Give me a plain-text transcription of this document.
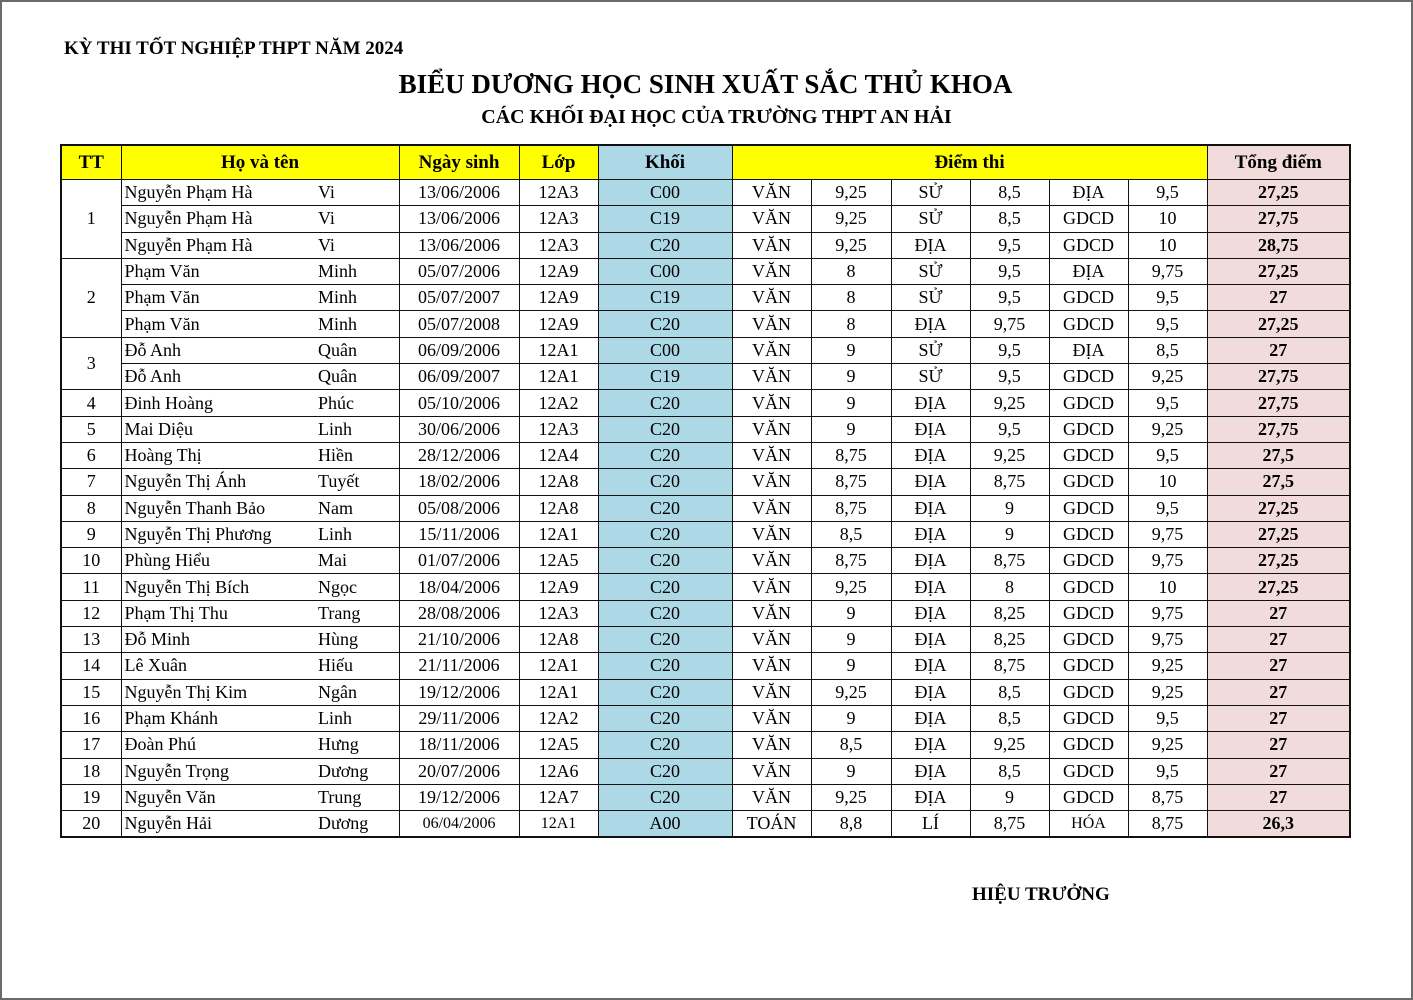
KỲ THI TỐT NGHIỆP THPT NĂM 2024
BIỂU DƯƠNG HỌC SINH XUẤT SẮC THỦ KHOA
CÁC KHỐI ĐẠI HỌC CỦA TRƯỜNG THPT AN HẢI
TT	Họ và tên		Ngày sinh	Lớp	Khối	Điểm thi						Tổng điểm
1	Nguyễn Phạm Hà	Vi	13/06/2006	12A3	C00	VĂN	9,25	SỬ	8,5	ĐỊA	9,5	27,25
	Nguyễn Phạm Hà	Vi	13/06/2006	12A3	C19	VĂN	9,25	SỬ	8,5	GDCD	10	27,75
	Nguyễn Phạm Hà	Vi	13/06/2006	12A3	C20	VĂN	9,25	ĐỊA	9,5	GDCD	10	28,75
2	Phạm Văn	Minh	05/07/2006	12A9	C00	VĂN	8	SỬ	9,5	ĐỊA	9,75	27,25
	Phạm Văn	Minh	05/07/2007	12A9	C19	VĂN	8	SỬ	9,5	GDCD	9,5	27
	Phạm Văn	Minh	05/07/2008	12A9	C20	VĂN	8	ĐỊA	9,75	GDCD	9,5	27,25
3	Đỗ Anh	Quân	06/09/2006	12A1	C00	VĂN	9	SỬ	9,5	ĐỊA	8,5	27
	Đỗ Anh	Quân	06/09/2007	12A1	C19	VĂN	9	SỬ	9,5	GDCD	9,25	27,75
4	Đinh Hoàng	Phúc	05/10/2006	12A2	C20	VĂN	9	ĐỊA	9,25	GDCD	9,5	27,75
5	Mai Diệu	Linh	30/06/2006	12A3	C20	VĂN	9	ĐỊA	9,5	GDCD	9,25	27,75
6	Hoàng Thị	Hiền	28/12/2006	12A4	C20	VĂN	8,75	ĐỊA	9,25	GDCD	9,5	27,5
7	Nguyễn Thị Ánh	Tuyết	18/02/2006	12A8	C20	VĂN	8,75	ĐỊA	8,75	GDCD	10	27,5
8	Nguyễn Thanh Bảo	Nam	05/08/2006	12A8	C20	VĂN	8,75	ĐỊA	9	GDCD	9,5	27,25
9	Nguyễn Thị Phương	Linh	15/11/2006	12A1	C20	VĂN	8,5	ĐỊA	9	GDCD	9,75	27,25
10	Phùng Hiểu	Mai	01/07/2006	12A5	C20	VĂN	8,75	ĐỊA	8,75	GDCD	9,75	27,25
11	Nguyễn Thị Bích	Ngọc	18/04/2006	12A9	C20	VĂN	9,25	ĐỊA	8	GDCD	10	27,25
12	Phạm Thị Thu	Trang	28/08/2006	12A3	C20	VĂN	9	ĐỊA	8,25	GDCD	9,75	27
13	Đỗ Minh	Hùng	21/10/2006	12A8	C20	VĂN	9	ĐỊA	8,25	GDCD	9,75	27
14	Lê Xuân	Hiếu	21/11/2006	12A1	C20	VĂN	9	ĐỊA	8,75	GDCD	9,25	27
15	Nguyễn Thị Kim	Ngân	19/12/2006	12A1	C20	VĂN	9,25	ĐỊA	8,5	GDCD	9,25	27
16	Phạm Khánh	Linh	29/11/2006	12A2	C20	VĂN	9	ĐỊA	8,5	GDCD	9,5	27
17	Đoàn Phú	Hưng	18/11/2006	12A5	C20	VĂN	8,5	ĐỊA	9,25	GDCD	9,25	27
18	Nguyễn Trọng	Dương	20/07/2006	12A6	C20	VĂN	9	ĐỊA	8,5	GDCD	9,5	27
19	Nguyễn Văn	Trung	19/12/2006	12A7	C20	VĂN	9,25	ĐỊA	9	GDCD	8,75	27
20	Nguyễn Hải	Dương	06/04/2006	12A1	A00	TOÁN	8,8	LÍ	8,75	HÓA	8,75	26,3
HIỆU TRƯỞNG
